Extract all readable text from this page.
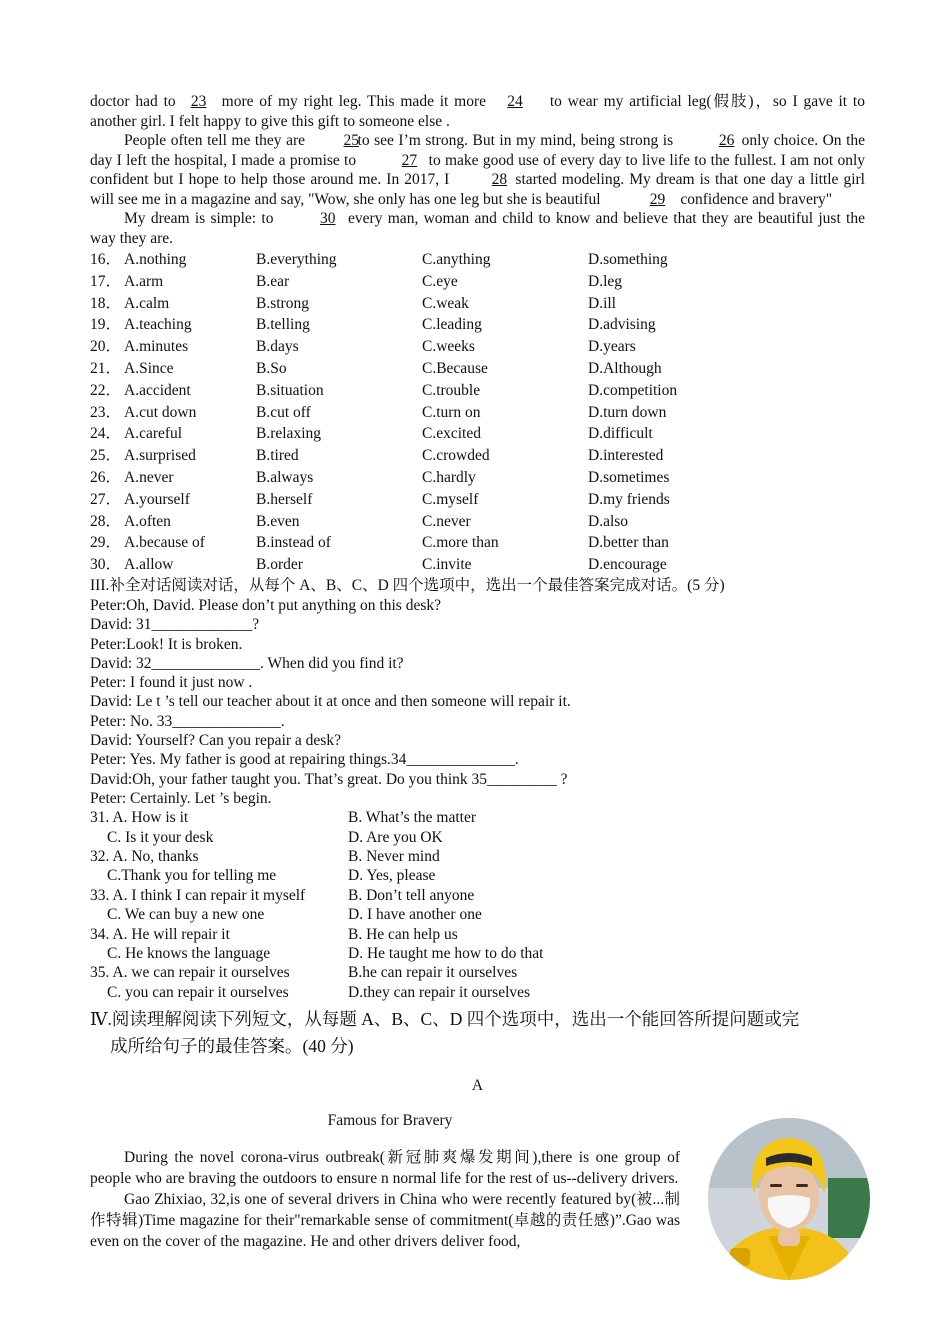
doctor had to 23 more of my right leg. This made it more 24 to wear my artificial leg(假肢)，so I gave it to another girl. I felt happy to give this gift to someone else .

People often tell me they are 25to see I’m strong. But in my mind, being strong is	26 only choice. On the day I left the hospital, I made a promise to	27 to make good use of every day to live life to the fullest. I am not only confident but I hope to help those around me. In 2017, I 28 started modeling. My dream is that one day a little girl will see me in a magazine and say, "Wow, she only has one leg but she is beautiful	29 confidence and bravery"

My dream is simple: to	30 every man, woman and child to know and believe that they are beautiful just the way they are.

16． A.nothing	B.everything	C.anything	D.something
17． A.arm	B.ear	C.eye	D.leg
18． A.calm	B.strong	C.weak	D.ill
19． A.teaching	B.telling	C.leading	D.advising
20． A.minutes	B.days	C.weeks	D.years
21． A.Since	B.So	C.Because	D.Although
22． A.accident	B.situation	C.trouble	D.competition
23． A.cut down	B.cut off	C.turn on	D.turn down
24． A.careful	B.relaxing	C.excited	D.difficult
25． A.surprised	B.tired	C.crowded	D.interested
26． A.never	B.always	C.hardly	D.sometimes
27． A.yourself	B.herself	C.myself	D.my friends
28． A.often	B.even	C.never	D.also
29． A.because of	B.instead of	C.more than	D.better than
30． A.allow	B.order	C.invite	D.encourage

III.补全对话阅读对话，从每个 A、B、C、D 四个选项中，选出一个最佳答案完成对话。(5 分)

Peter:Oh, David. Please don’t put anything on this desk?

David: 31_____________?

Peter:Look! It is broken.

David: 32______________. When did you find it?

Peter: I found it just now .

David: Le t ’s tell our teacher about it at once and then someone will repair it.

Peter: No. 33______________.

David: Yourself? Can you repair a desk?

Peter: Yes. My father is good at repairing things.34______________.

David:Oh, your father taught you. That’s great. Do you think 35_________ ?

Peter: Certainly. Let ’s begin.

31. A. How is it	B. What’s the matter
C. Is it your desk	D. Are you OK
32. A. No, thanks	B. Never mind
C.Thank you for telling me	D. Yes, please
33. A. I think I can repair it myself	B. Don’t tell anyone
C. We can buy a new one	D. I have another one
34. A. He will repair it	B. He can help us
C. He knows the language	D. He taught me how to do that
35. A. we can repair it ourselves	B.he can repair it ourselves
C. you can repair it ourselves	D.they can repair it ourselves

Ⅳ.阅读理解阅读下列短文，从每题 A、B、C、D 四个选项中，选出一个能回答所提问题或完
成所给句子的最佳答案。(40 分)

A

Famous for Bravery

During the novel corona-virus outbreak(新冠肺爽爆发期间),there is one group of people who are braving the outdoors to ensure n normal life for the rest of us--delivery drivers.

Gao Zhixiao, 32,is one of several drivers in China who were recently featured by(被...制作特辑)Time magazine for their"remarkable sense of commitment(卓越的责任感)”.Gao was even on the cover of the magazine. He and other drivers deliver food,
